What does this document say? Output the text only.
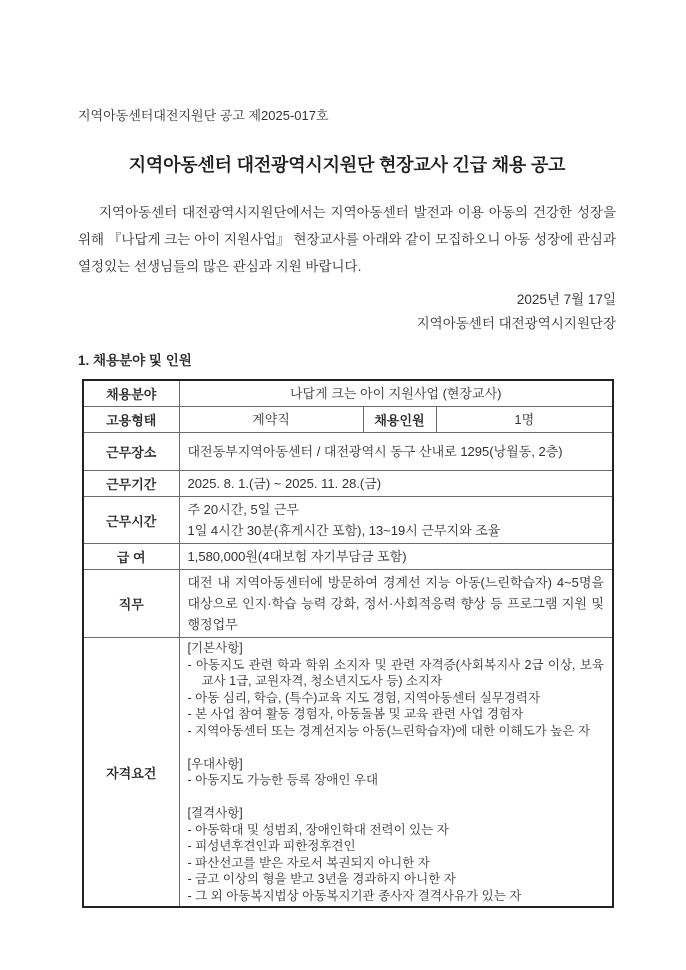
지역아동센터대전지원단 공고 제2025-017호
지역아동센터 대전광역시지원단 현장교사 긴급 채용 공고

지역아동센터 대전광역시지원단에서는 지역아동센터 발전과 이용 아동의 건강한 성장을 위해 『나답게 크는 아이 지원사업』 현장교사를 아래와 같이 모집하오니 아동 성장에 관심과 열정있는 선생님들의 많은 관심과 지원 바랍니다.

2025년 7월 17일
지역아동센터 대전광역시지원단장
1. 채용분야 및 인원
채용분야	나답게 크는 아이 지원사업 (현장교사)		
고용형태	계약직	채용인원	1명
근무장소	대전동부지역아동센터 / 대전광역시 동구 산내로 1295(낭월동, 2층)		
근무기간	2025. 8. 1.(금) ~ 2025. 11. 28.(금)		
근무시간	주 20시간, 5일 근무
1일 4시간 30분(휴게시간 포함), 13~19시 근무지와 조율		

급 여	1,580,000원(4대보험 자기부담금 포함)		
직무	대전 내 지역아동센터에 방문하여 경계선 지능 아동(느린학습자) 4~5명을 대상으로 인지·학습 능력 강화, 정서·사회적응력 향상 등 프로그램 지원 및 행정업무		
자격요건	
[기본사항]
- 아동지도 관련 학과 학위 소지자 및 관련 자격증(사회복지사 2급 이상, 보육교사 1급, 교원자격, 청소년지도사 등) 소지자
- 아동 심리, 학습, (특수)교육 지도 경험, 지역아동센터 실무경력자
- 본 사업 참여 활동 경험자, 아동돌봄 및 교육 관련 사업 경험자
- 지역아동센터 또는 경계선지능 아동(느린학습자)에 대한 이해도가 높은 자
[우대사항]
- 아동지도 가능한 등록 장애인 우대
[결격사항]
- 아동학대 및 성범죄, 장애인학대 전력이 있는 자
- 피성년후견인과 피한정후견인
- 파산선고를 받은 자로서 복권되지 아니한 자
- 금고 이상의 형을 받고 3년을 경과하지 아니한 자
- 그 외 아동복지법상 아동복지기관 종사자 결격사유가 있는 자
